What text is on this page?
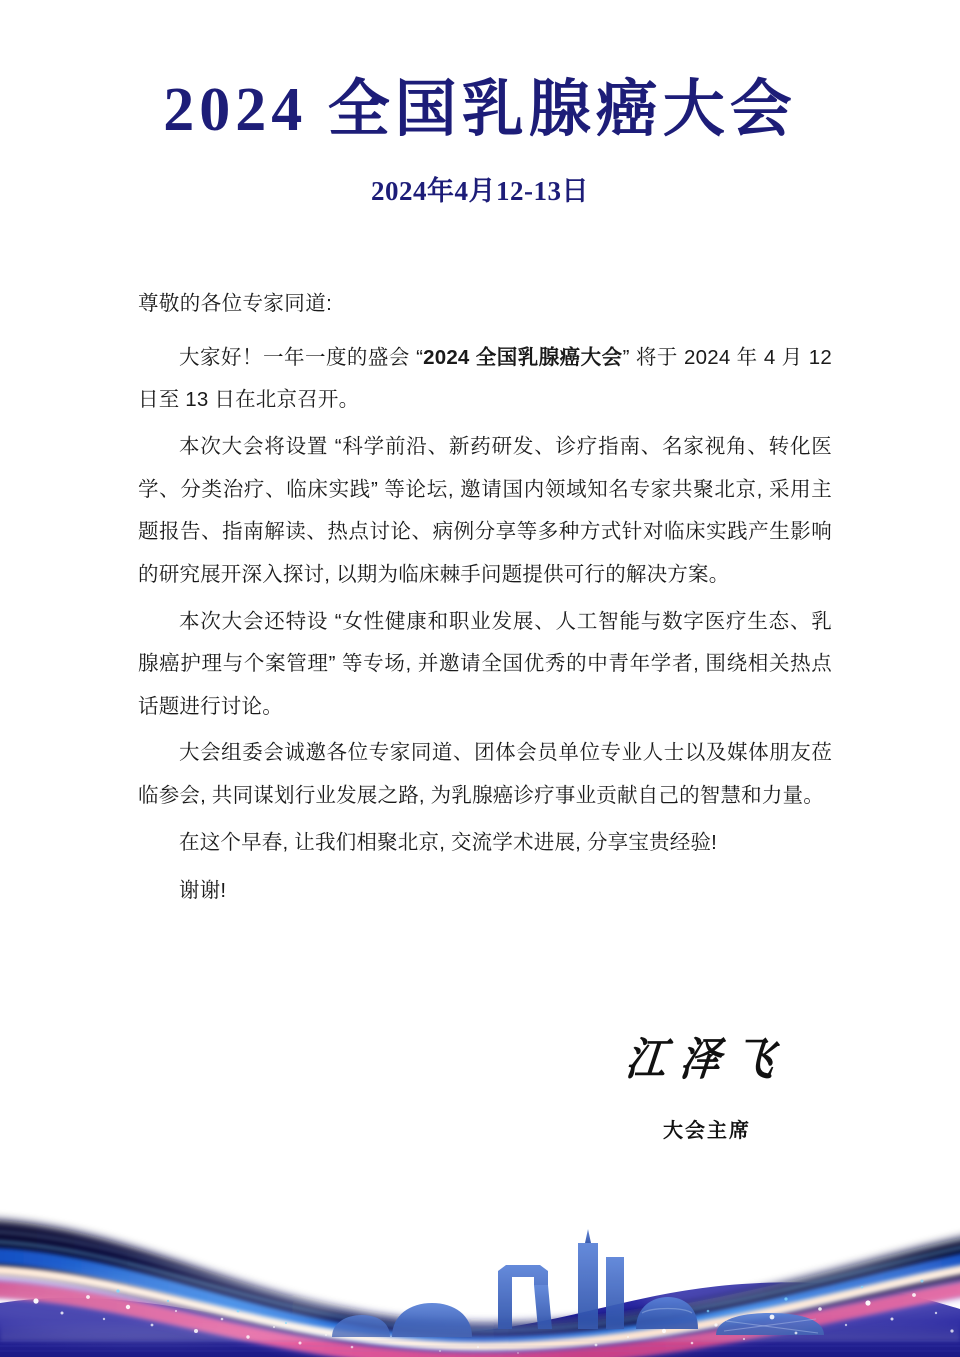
2024 全国乳腺癌大会

2024年4月12-13日

尊敬的各位专家同道:

大家好！一年一度的盛会 “2024 全国乳腺癌大会” 将于 2024 年 4 月 12 日至 13 日在北京召开。

本次大会将设置 “科学前沿、新药研发、诊疗指南、名家视角、转化医学、分类治疗、临床实践” 等论坛, 邀请国内领域知名专家共聚北京, 采用主题报告、指南解读、热点讨论、病例分享等多种方式针对临床实践产生影响的研究展开深入探讨, 以期为临床棘手问题提供可行的解决方案。

本次大会还特设 “女性健康和职业发展、人工智能与数字医疗生态、乳腺癌护理与个案管理” 等专场, 并邀请全国优秀的中青年学者, 围绕相关热点话题进行讨论。

大会组委会诚邀各位专家同道、团体会员单位专业人士以及媒体朋友莅临参会, 共同谋划行业发展之路, 为乳腺癌诊疗事业贡献自己的智慧和力量。

在这个早春, 让我们相聚北京, 交流学术进展, 分享宝贵经验!

谢谢!

江泽飞
大会主席
